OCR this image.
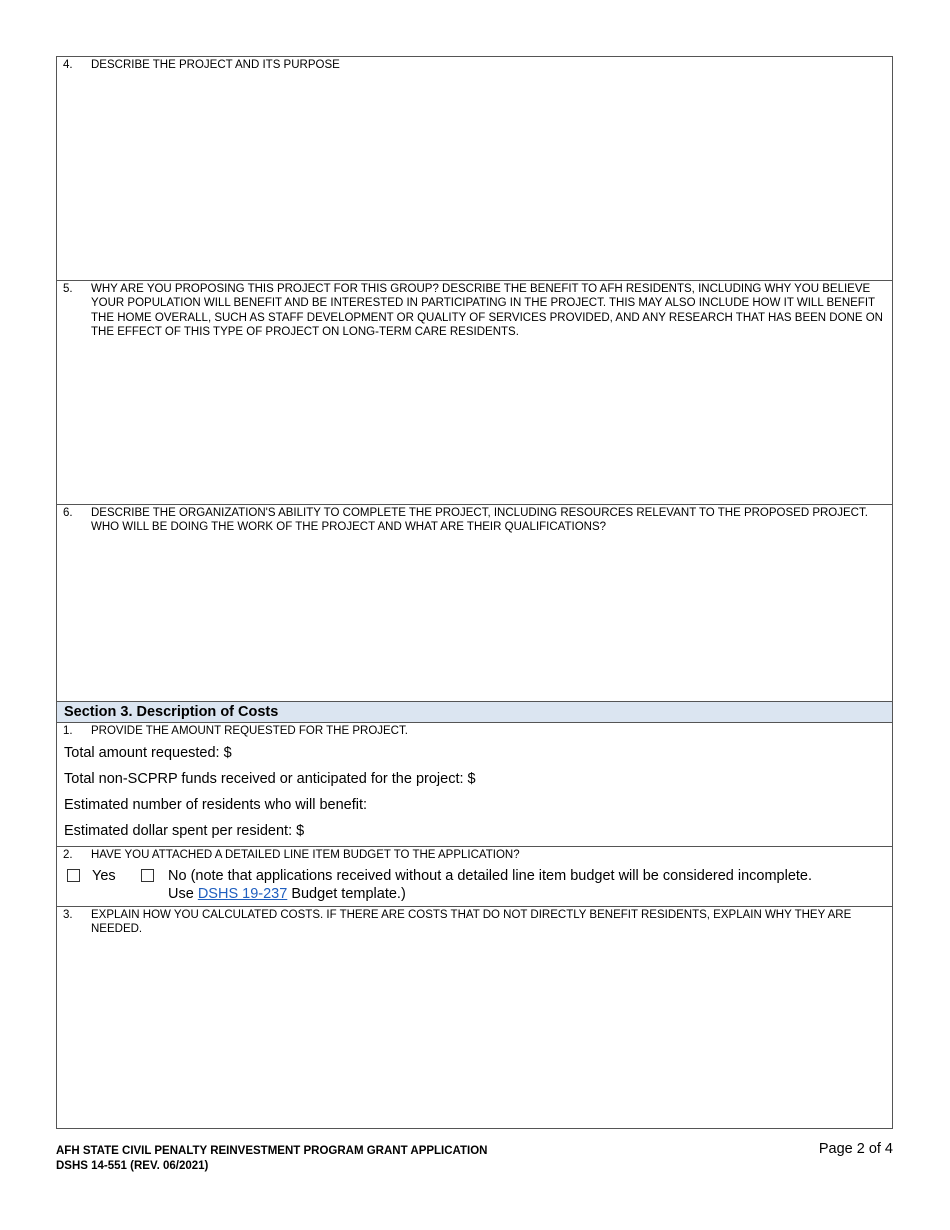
4.	DESCRIBE THE PROJECT AND ITS PURPOSE
5.	WHY ARE YOU PROPOSING THIS PROJECT FOR THIS GROUP? DESCRIBE THE BENEFIT TO AFH RESIDENTS, INCLUDING WHY YOU BELIEVE YOUR POPULATION WILL BENEFIT AND BE INTERESTED IN PARTICIPATING IN THE PROJECT. THIS MAY ALSO INCLUDE HOW IT WILL BENEFIT THE HOME OVERALL, SUCH AS STAFF DEVELOPMENT OR QUALITY OF SERVICES PROVIDED, AND ANY RESEARCH THAT HAS BEEN DONE ON THE EFFECT OF THIS TYPE OF PROJECT ON LONG-TERM CARE RESIDENTS.
6.	DESCRIBE THE ORGANIZATION'S ABILITY TO COMPLETE THE PROJECT, INCLUDING RESOURCES RELEVANT TO THE PROPOSED PROJECT. WHO WILL BE DOING THE WORK OF THE PROJECT AND WHAT ARE THEIR QUALIFICATIONS?
Section 3. Description of Costs
1.	PROVIDE THE AMOUNT REQUESTED FOR THE PROJECT.
Total amount requested: $
Total non-SCPRP funds received or anticipated for the project: $
Estimated number of residents who will benefit:
Estimated dollar spent per resident: $
2.	HAVE YOU ATTACHED A DETAILED LINE ITEM BUDGET TO THE APPLICATION?
Yes	No (note that applications received without a detailed line item budget will be considered incomplete.
Use DSHS 19-237 Budget template.)
3.	EXPLAIN HOW YOU CALCULATED COSTS. IF THERE ARE COSTS THAT DO NOT DIRECTLY BENEFIT RESIDENTS, EXPLAIN WHY THEY ARE NEEDED.
AFH STATE CIVIL PENALTY REINVESTMENT PROGRAM GRANT APPLICATION
DSHS 14-551 (REV. 06/2021)
Page 2 of 4
